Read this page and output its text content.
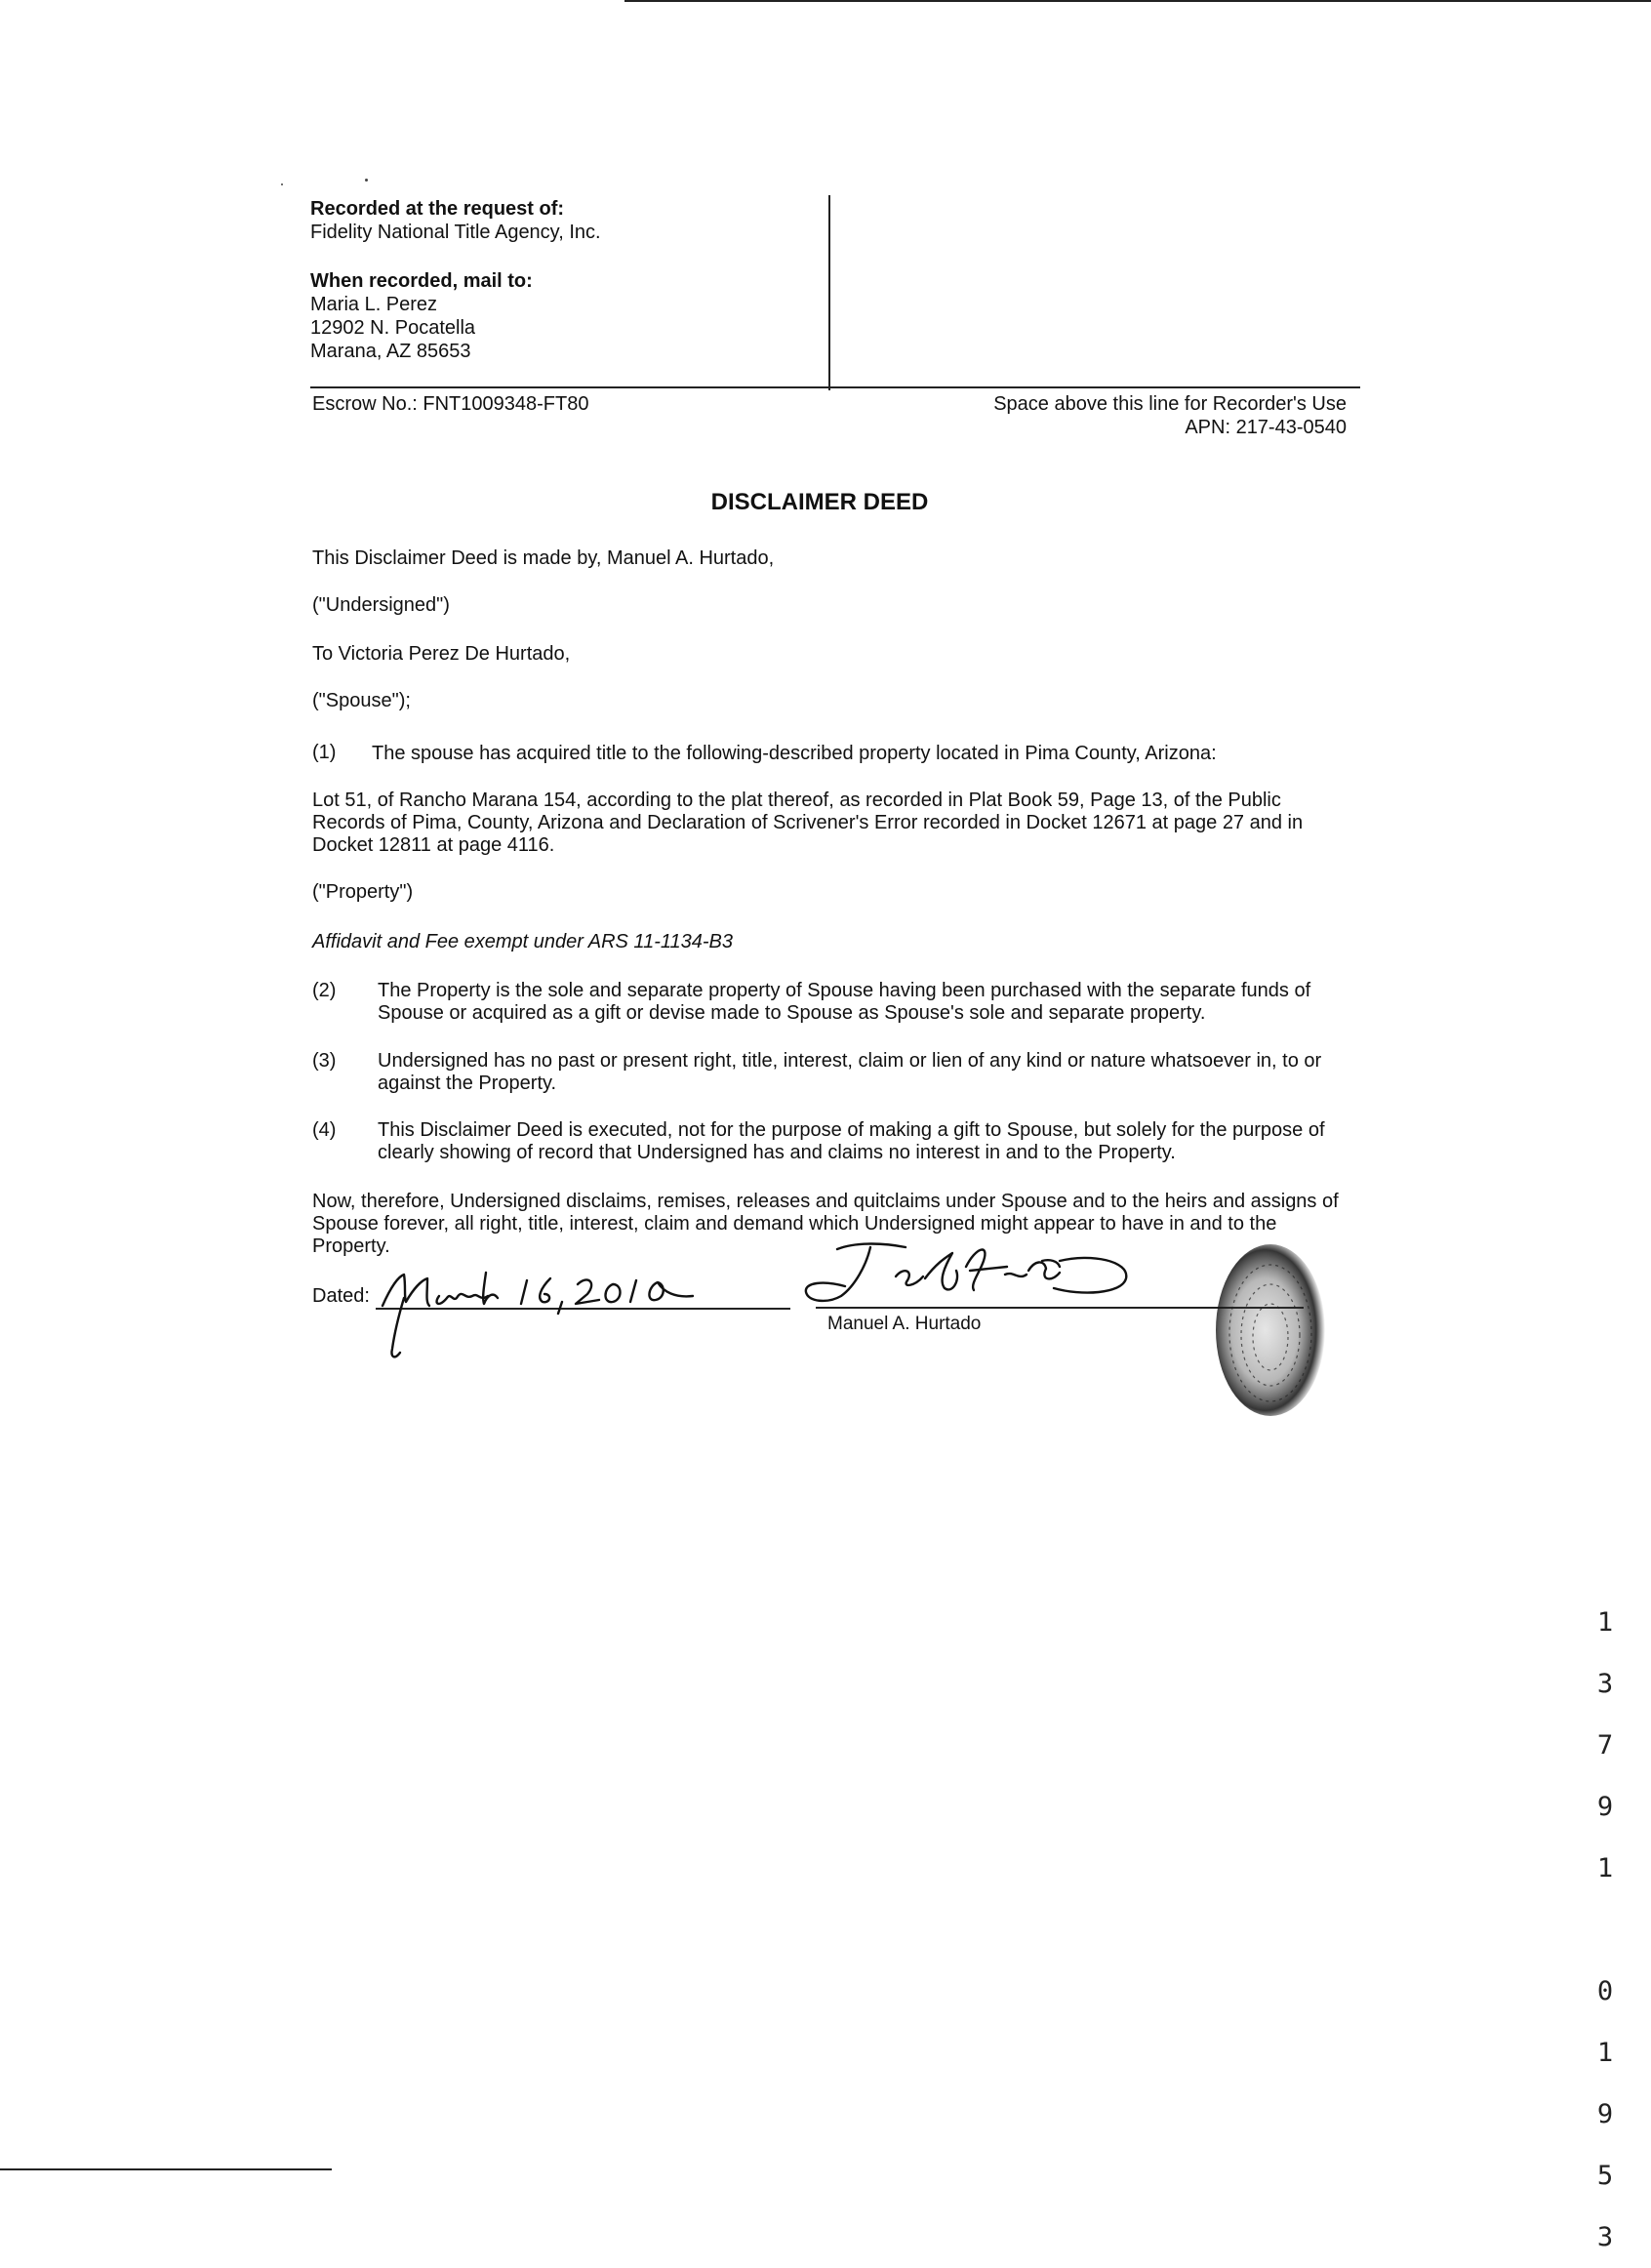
Recorded at the request of:
Fidelity National Title Agency, Inc.
When recorded, mail to:
Maria L. Perez
12902 N. Pocatella
Marana, AZ 85653
Escrow No.: FNT1009348-FT80	Space above this line for Recorder's Use
APN: 217-43-0540
DISCLAIMER DEED
This Disclaimer Deed is made by, Manuel A. Hurtado,
("Undersigned")
To Victoria Perez De Hurtado,
("Spouse");
(1) The spouse has acquired title to the following-described property located in Pima County, Arizona:
Lot 51, of Rancho Marana 154, according to the plat thereof, as recorded in Plat Book 59, Page 13, of the Public Records of Pima, County, Arizona and Declaration of Scrivener's Error recorded in Docket 12671 at page 27 and in Docket 12811 at page 4116.
("Property")
Affidavit and Fee exempt under ARS 11-1134-B3
(2) The Property is the sole and separate property of Spouse having been purchased with the separate funds of Spouse or acquired as a gift or devise made to Spouse as Spouse's sole and separate property.
(3) Undersigned has no past or present right, title, interest, claim or lien of any kind or nature whatsoever in, to or against the Property.
(4) This Disclaimer Deed is executed, not for the purpose of making a gift to Spouse, but solely for the purpose of clearly showing of record that Undersigned has and claims no interest in and to the Property.
Now, therefore, Undersigned disclaims, remises, releases and quitclaims under Spouse and to the heirs and assigns of Spouse forever, all right, title, interest, claim and demand which Undersigned might appear to have in and to the Property.
Dated:
Manuel A. Hurtado

1

3

7

9

1

0

1

9

5

3
